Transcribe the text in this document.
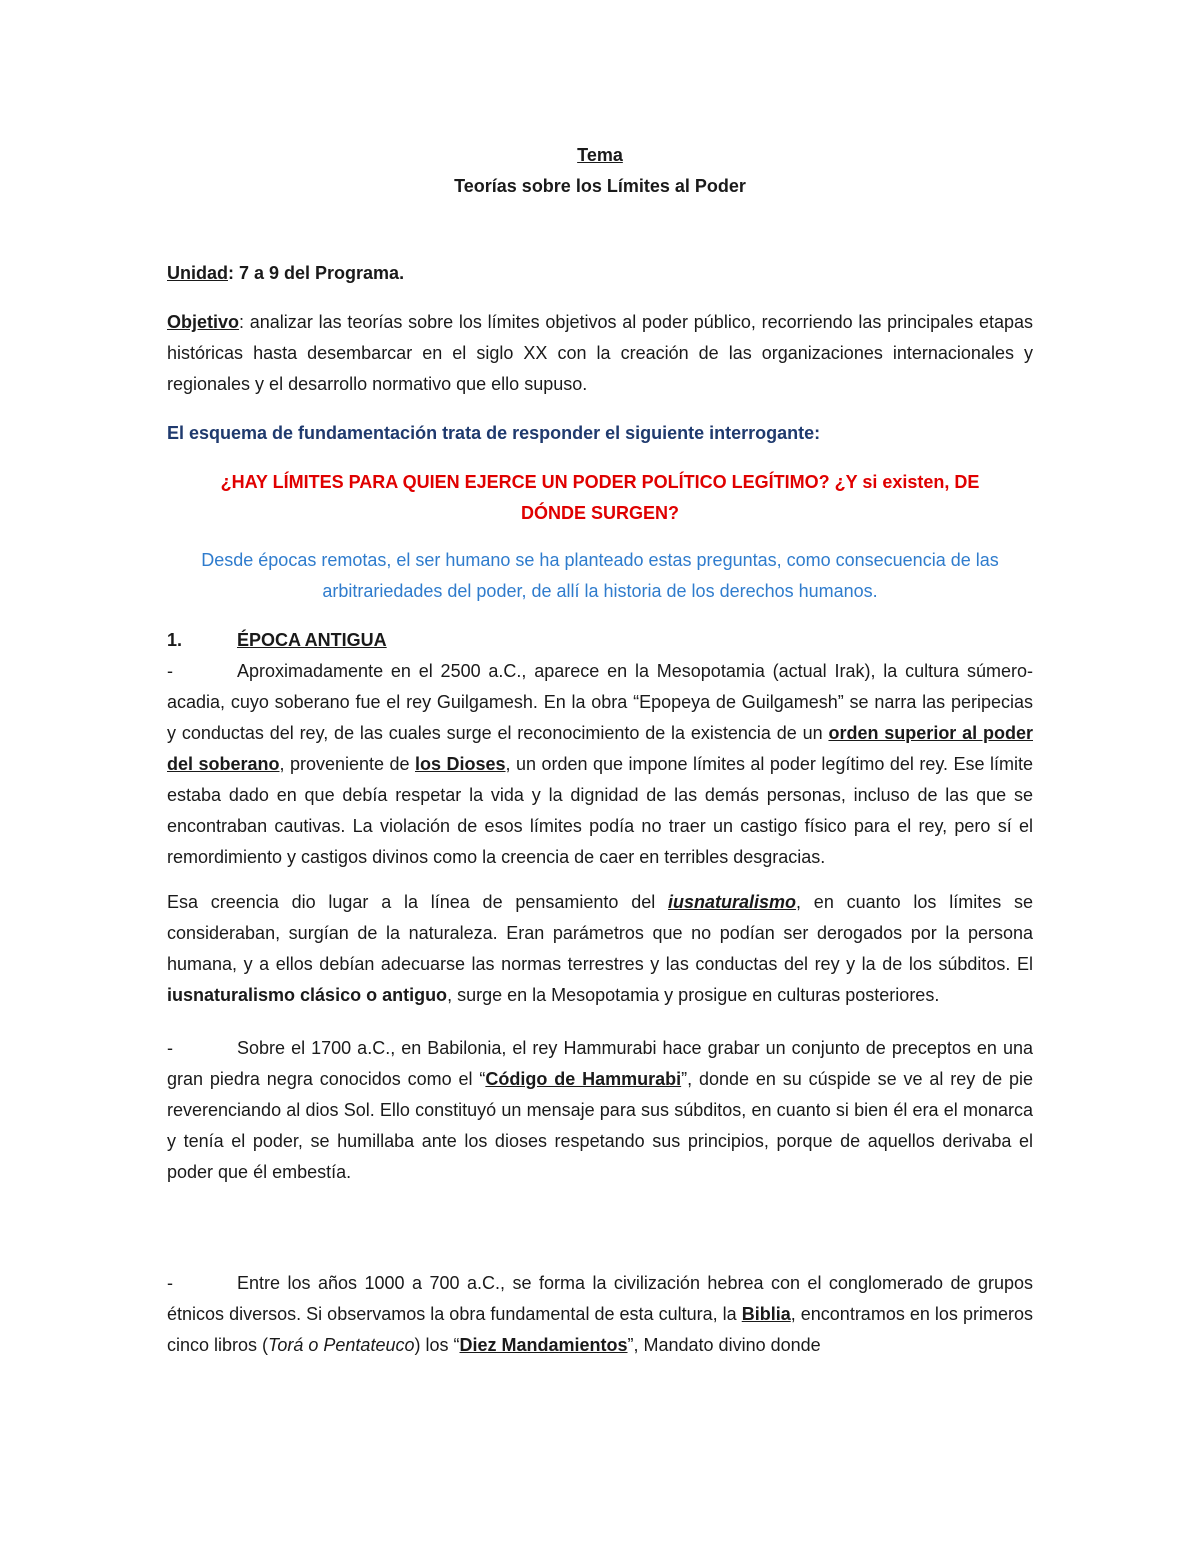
Tema

Teorías sobre los Límites al Poder

Unidad: 7 a 9 del Programa.

Objetivo: analizar las teorías sobre los límites objetivos al poder público, recorriendo las principales etapas históricas hasta desembarcar en el siglo XX con la creación de las organizaciones internacionales y regionales y el desarrollo normativo que ello supuso.

El esquema de fundamentación trata de responder el siguiente interrogante:

¿HAY LÍMITES PARA QUIEN EJERCE UN PODER POLÍTICO LEGÍTIMO? ¿Y si existen, DE DÓNDE SURGEN?

Desde épocas remotas, el ser humano se ha planteado estas preguntas, como consecuencia de las arbitrariedades del poder, de allí la historia de los derechos humanos.

1.	ÉPOCA ANTIGUA

-	Aproximadamente en el 2500 a.C., aparece en la Mesopotamia (actual Irak), la cultura súmero-acadia, cuyo soberano fue el rey Guilgamesh. En la obra “Epopeya de Guilgamesh” se narra las peripecias y conductas del rey, de las cuales surge el reconocimiento de la existencia de un orden superior al poder del soberano, proveniente de los Dioses, un orden que impone límites al poder legítimo del rey. Ese límite estaba dado en que debía respetar la vida y la dignidad de las demás personas, incluso de las que se encontraban cautivas. La violación de esos límites podía no traer un castigo físico para el rey, pero sí el remordimiento y castigos divinos como la creencia de caer en terribles desgracias.

Esa creencia dio lugar a la línea de pensamiento del iusnaturalismo, en cuanto los límites se consideraban, surgían de la naturaleza. Eran parámetros que no podían ser derogados por la persona humana, y a ellos debían adecuarse las normas terrestres y las conductas del rey y la de los súbditos. El iusnaturalismo clásico o antiguo, surge en la Mesopotamia y prosigue en culturas posteriores.

-	Sobre el 1700 a.C., en Babilonia, el rey Hammurabi hace grabar un conjunto de preceptos en una gran piedra negra conocidos como el “Código de Hammurabi”, donde en su cúspide se ve al rey de pie reverenciando al dios Sol. Ello constituyó un mensaje para sus súbditos, en cuanto si bien él era el monarca y tenía el poder, se humillaba ante los dioses respetando sus principios, porque de aquellos derivaba el poder que él embestía.

-	Entre los años 1000 a 700 a.C., se forma la civilización hebrea con el conglomerado de grupos étnicos diversos. Si observamos la obra fundamental de esta cultura, la Biblia, encontramos en los primeros cinco libros (Torá o Pentateuco) los “Diez Mandamientos”, Mandato divino donde
